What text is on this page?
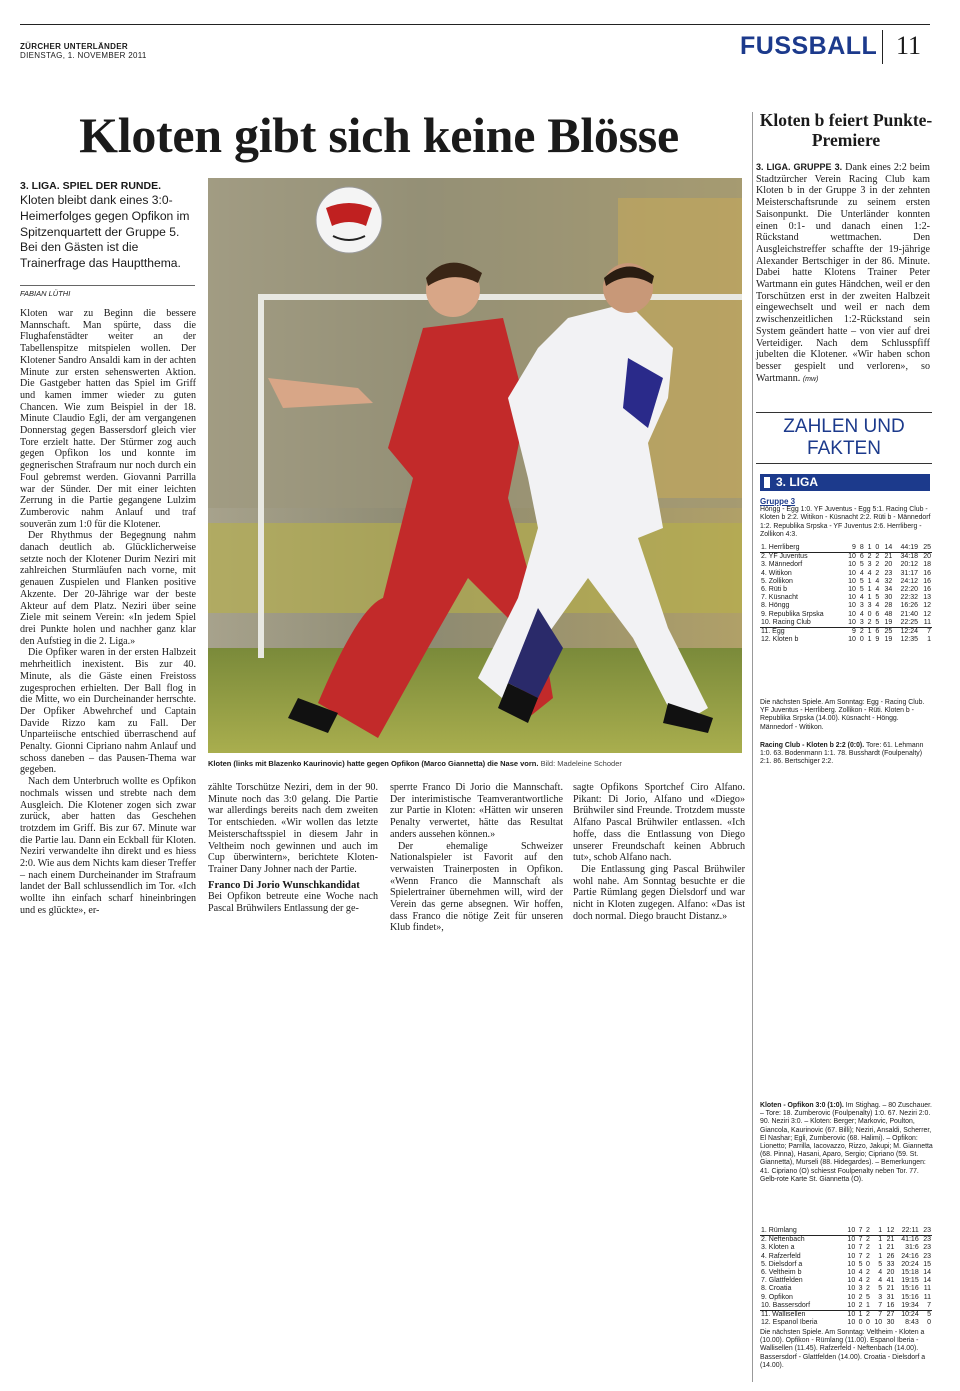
ZÜRCHER UNTERLÄNDER
DIENSTAG, 1. NOVEMBER 2011	FUSSBALL 11
Kloten gibt sich keine Blösse
3. LIGA. SPIEL DER RUNDE.
Kloten bleibt dank eines 3:0-Heimerfolges gegen Opfikon im Spitzenquartett der Gruppe 5. Bei den Gästen ist die Trainerfrage das Hauptthema.
FABIAN LÜTHI

Kloten war zu Beginn die bessere Mannschaft. Man spürte, dass die Flughafenstädter weiter an der Tabellenspitze mitspielen wollen. Der Klotener Sandro Ansaldi kam in der achten Minute zur ersten sehenswerten Aktion. Die Gastgeber hatten das Spiel im Griff und kamen immer wieder zu guten Chancen. Wie zum Beispiel in der 18. Minute Claudio Egli, der am vergangenen Donnerstag gegen Bassersdorf gleich vier Tore erzielt hatte. Der Stürmer zog auch gegen Opfikon los und konnte im gegnerischen Strafraum nur noch durch ein Foul gebremst werden. Giovanni Parrilla war der Sünder. Der mit einer leichten Zerrung in die Partie gegangene Lulzim Zumberovic nahm Anlauf und traf souverän zum 1:0 für die Klotener.

Der Rhythmus der Begegnung nahm danach deutlich ab. Glücklicherweise setzte noch der Klotener Durim Neziri mit zahlreichen Sturmläufen nach vorne, mit genauen Zuspielen und Flanken positive Akzente. Der 20-Jährige war der beste Akteur auf dem Platz. Neziri über seine Ziele mit seinem Verein: «In jedem Spiel drei Punkte holen und nachher ganz klar den Aufstieg in die 2. Liga.»

Die Opfiker waren in der ersten Halbzeit mehrheitlich inexistent. Bis zur 40. Minute, als die Gäste einen Freistoss zugesprochen erhielten. Der Ball flog in die Mitte, wo ein Durcheinander herrschte. Der Opfiker Abwehrchef und Captain Davide Rizzo kam zu Fall. Der Unparteiische entschied überraschend auf Penalty. Gionni Cipriano nahm Anlauf und schoss daneben – das Pausen-Thema war gegeben.

Nach dem Unterbruch wollte es Opfikon nochmals wissen und strebte nach dem Ausgleich. Die Klotener zogen sich zwar zurück, aber hatten das Geschehen trotzdem im Griff. Bis zur 67. Minute war die Partie lau. Dann ein Eckball für Kloten. Neziri verwandelte ihn direkt und es hiess 2:0. Wie aus dem Nichts kam dieser Treffer – nach einem Durcheinander im Strafraum landet der Ball schlussendlich im Tor. «Ich wollte ihn einfach scharf hineinbringen und es glückte», er-

Kloten (links mit Blazenko Kaurinovic) hatte gegen Opfikon (Marco Giannetta) die Nase vorn. Bild: Madeleine Schoder

zählte Torschütze Neziri, dem in der 90. Minute noch das 3:0 gelang. Die Partie war allerdings bereits nach dem zweiten Tor entschieden. «Wir wollen das letzte Meisterschaftsspiel in diesem Jahr in Veltheim noch gewinnen und auch im Cup überwintern», berichtete Kloten-Trainer Dany Johner nach der Partie.

Franco Di Jorio Wunschkandidat

Bei Opfikon betreute eine Woche nach Pascal Brühwilers Entlassung der ge-

sperrte Franco Di Jorio die Mannschaft. Der interimistische Teamverantwortliche zur Partie in Kloten: «Hätten wir unseren Penalty verwertet, hätte das Resultat anders aussehen können.»

Der ehemalige Schweizer Nationalspieler ist Favorit auf den verwaisten Trainerposten in Opfikon. «Wenn Franco die Mannschaft als Spielertrainer übernehmen will, wird der Verein das gerne absegnen. Wir hoffen, dass Franco die nötige Zeit für unseren Klub findet»,

sagte Opfikons Sportchef Ciro Alfano. Pikant: Di Jorio, Alfano und «Diego» Brühwiler sind Freunde. Trotzdem musste Alfano Pascal Brühwiler entlassen. «Ich hoffe, dass die Entlassung von Diego unserer Freundschaft keinen Abbruch tut», schob Alfano nach.

Die Entlassung ging Pascal Brühwiler wohl nahe. Am Sonntag besuchte er die Partie Rümlang gegen Dielsdorf und war nicht in Kloten zugegen. Alfano: «Das ist doch normal. Diego braucht Distanz.»

Kloten b feiert Punkte-Premiere
3. LIGA. GRUPPE 3. Dank eines 2:2 beim Stadtzürcher Verein Racing Club kam Kloten b in der Gruppe 3 in der zehnten Meisterschaftsrunde zu seinem ersten Saisonpunkt. Die Unterländer konnten einen 0:1- und danach einen 1:2-Rückstand wettmachen. Den Ausgleichstreffer schaffte der 19-jährige Alexander Bertschiger in der 86. Minute. Dabei hatte Klotens Trainer Peter Wartmann ein gutes Händchen, weil er den Torschützen erst in der zweiten Halbzeit eingewechselt und weil er nach dem zwischenzeitlichen 1:2-Rückstand sein System geändert hatte – von vier auf drei Verteidiger. Nach dem Schlusspfiff jubelten die Klotener. «Wir haben schon besser gespielt und verloren», so Wartmann. (mw)
ZAHLEN UND FAKTEN
3. LIGA
Gruppe 3
Höngg - Egg 1:0. YF Juventus - Egg 5:1. Racing Club - Kloten b 2:2. Witikon - Küsnacht 2:2. Rüti b - Männedorf 1:2. Republika Srpska - YF Juventus 2:6. Herrliberg - Zollikon 4:3.
1. Herrliberg	9	8	1	0	14	44:19	25
2. YF Juventus	10	6	2	2	21	34:18	20
3. Männedorf	10	5	3	2	20	20:12	18
4. Witikon	10	4	4	2	23	31:17	16
5. Zollikon	10	5	1	4	32	24:12	16
6. Rüti b	10	5	1	4	34	22:20	16
7. Küsnacht	10	4	1	5	30	22:32	13
8. Höngg	10	3	3	4	28	16:26	12
9. Republika Srpska	10	4	0	6	48	21:40	12
10. Racing Club	10	3	2	5	19	22:25	11
11. Egg	9	2	1	6	25	12:24	7
12. Kloten b	10	0	1	9	19	12:35	1
Die nächsten Spiele. Am Sonntag: Egg - Racing Club. YF Juventus - Herrliberg. Zollikon - Rüti. Kloten b - Republika Srpska (14.00). Küsnacht - Höngg. Männedorf - Witikon.
Racing Club - Kloten b 2:2 (0:0). Tore: 61. Lehmann 1:0. 63. Bodenmann 1:1. 78. Busshardt (Foulpenalty) 2:1. 86. Bertschiger 2:2.
Kloten - Opfikon 3:0 (1:0). Im Stighag. – 80 Zuschauer. – Tore: 18. Zumberovic (Foulpenalty) 1:0. 67. Neziri 2:0. 90. Neziri 3:0. – Kloten: Berger; Markovic, Poulton, Giancola, Kaurinovic (67. Billi); Neziri, Ansaldi, Scherrer, El Nashar; Egli, Zumberovic (68. Halimi). – Opfikon: Lionetto; Parrilla, Iacovazzo, Rizzo, Jakupi; M. Giannetta (68. Pinna), Hasani, Aparo, Sergio; Cipriano (59. St. Giannetta), Murseli (88. Hidegardes). – Bemerkungen: 41. Cipriano (O) schiesst Foulpenalty neben Tor. 77. Gelb-rote Karte St. Giannetta (O).
1. Rümlang	10	7	2	1	12	22:11	23
2. Neftenbach	10	7	2	1	21	41:16	23
3. Kloten a	10	7	2	1	21	31:6	23
4. Rafzerfeld	10	7	2	1	26	24:16	23
5. Dielsdorf a	10	5	0	5	33	20:24	15
6. Veltheim b	10	4	2	4	20	15:18	14
7. Glattfelden	10	4	2	4	41	19:15	14
8. Croatia	10	3	2	5	21	15:16	11
9. Opfikon	10	2	5	3	31	15:16	11
10. Bassersdorf	10	2	1	7	16	19:34	7
11. Wallisellen	10	1	2	7	27	10:24	5
12. Espanol Iberia	10	0	0	10	30	8:43	0
Die nächsten Spiele. Am Sonntag: Veltheim - Kloten a (10.00). Opfikon - Rümlang (11.00). Espanol Iberia - Wallisellen (11.45). Rafzerfeld - Neftenbach (14.00). Bassersdorf - Glattfelden (14.00). Croatia - Dielsdorf a (14.00).
